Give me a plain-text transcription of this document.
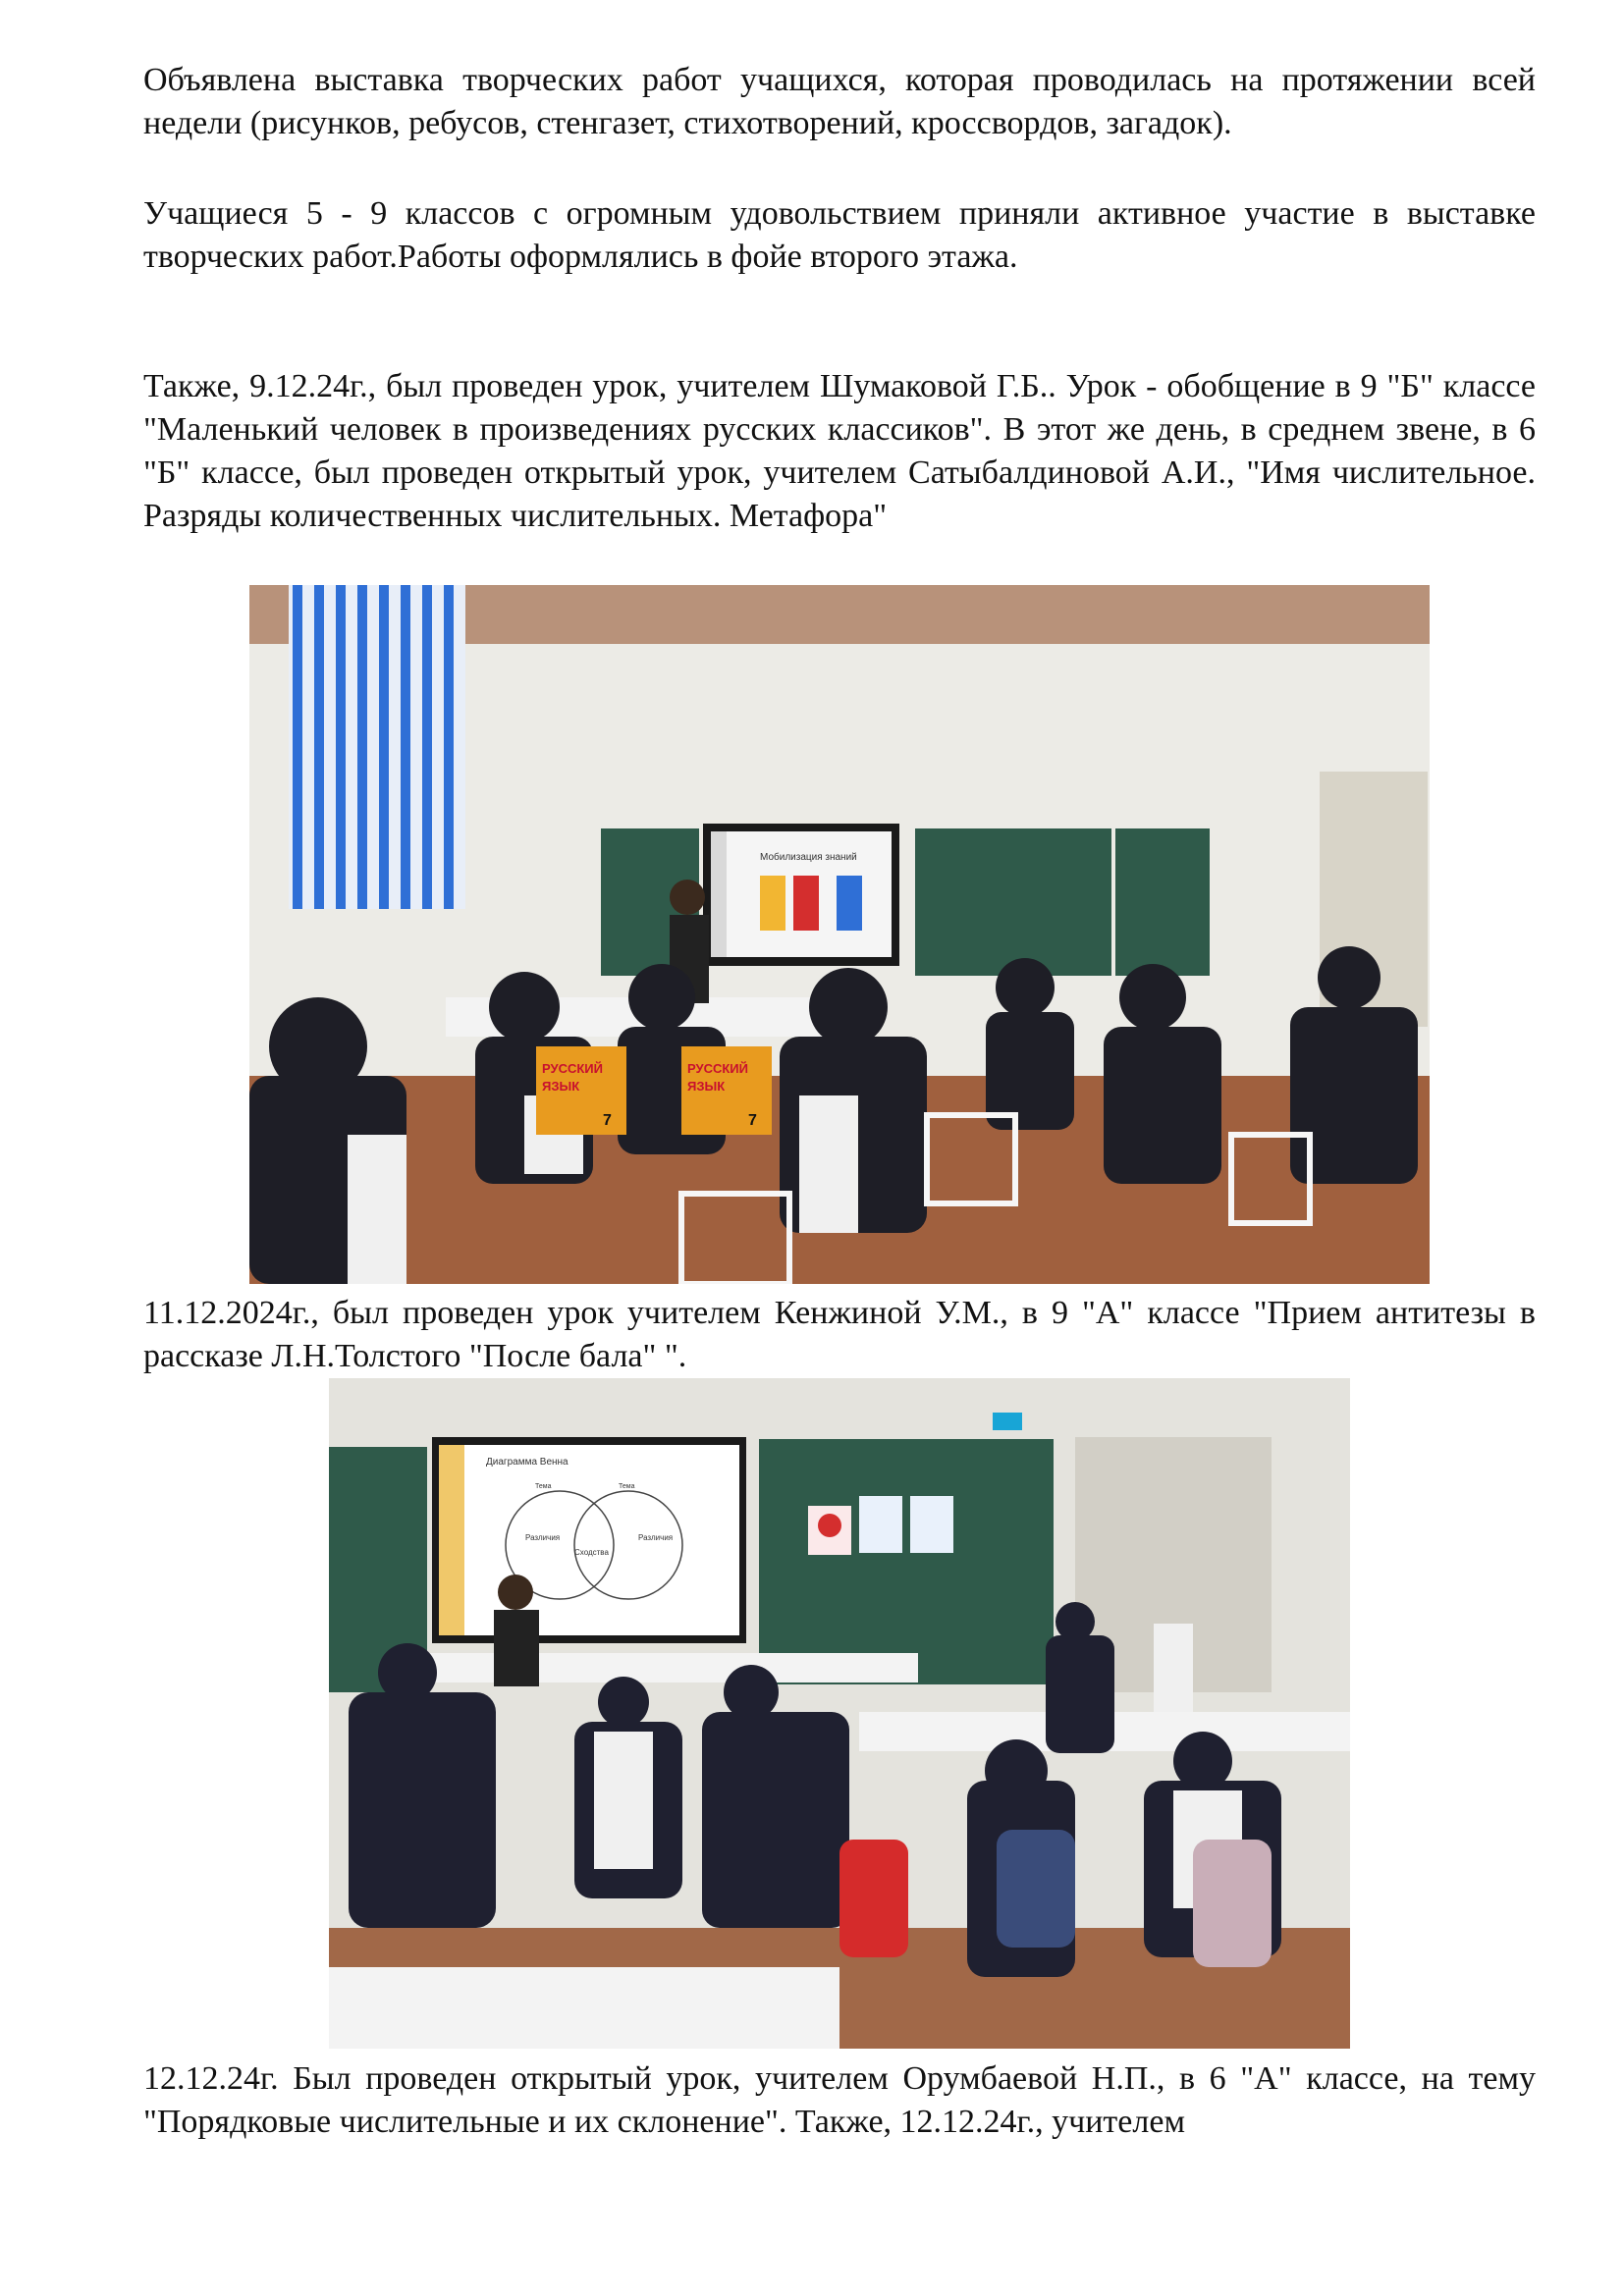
Объявлена выставка творческих работ учащихся, которая проводилась на протяжении всей недели (рисунков, ребусов, стенгазет, стихотворений, кроссвордов, загадок).

Учащиеся 5 - 9 классов с огромным удовольствием приняли активное участие в выставке творческих работ.Работы оформлялись в фойе второго этажа.

Также, 9.12.24г., был проведен урок, учителем Шумаковой Г.Б.. Урок - обобщение в 9 "Б" классе "Маленький человек в произведениях русских классиков". В этот же день, в среднем звене, в 6 "Б" классе, был проведен открытый урок, учителем Сатыбалдиновой А.И., "Имя числительное. Разряды количественных числительных. Метафора"

Мобилизация знаний
РУССКИЙ
ЯЗЫК
7
РУССКИЙ
ЯЗЫК
7

11.12.2024г., был проведен урок учителем Кенжиной У.М., в 9 "А" классе "Прием антитезы в рассказе Л.Н.Толстого "После бала" ".

Диаграмма Венна
Различия
Сходства
Различия
Тема	Тема

12.12.24г. Был проведен открытый урок, учителем Орумбаевой Н.П., в 6 "А" классе, на тему "Порядковые числительные и их склонение". Также, 12.12.24г., учителем
